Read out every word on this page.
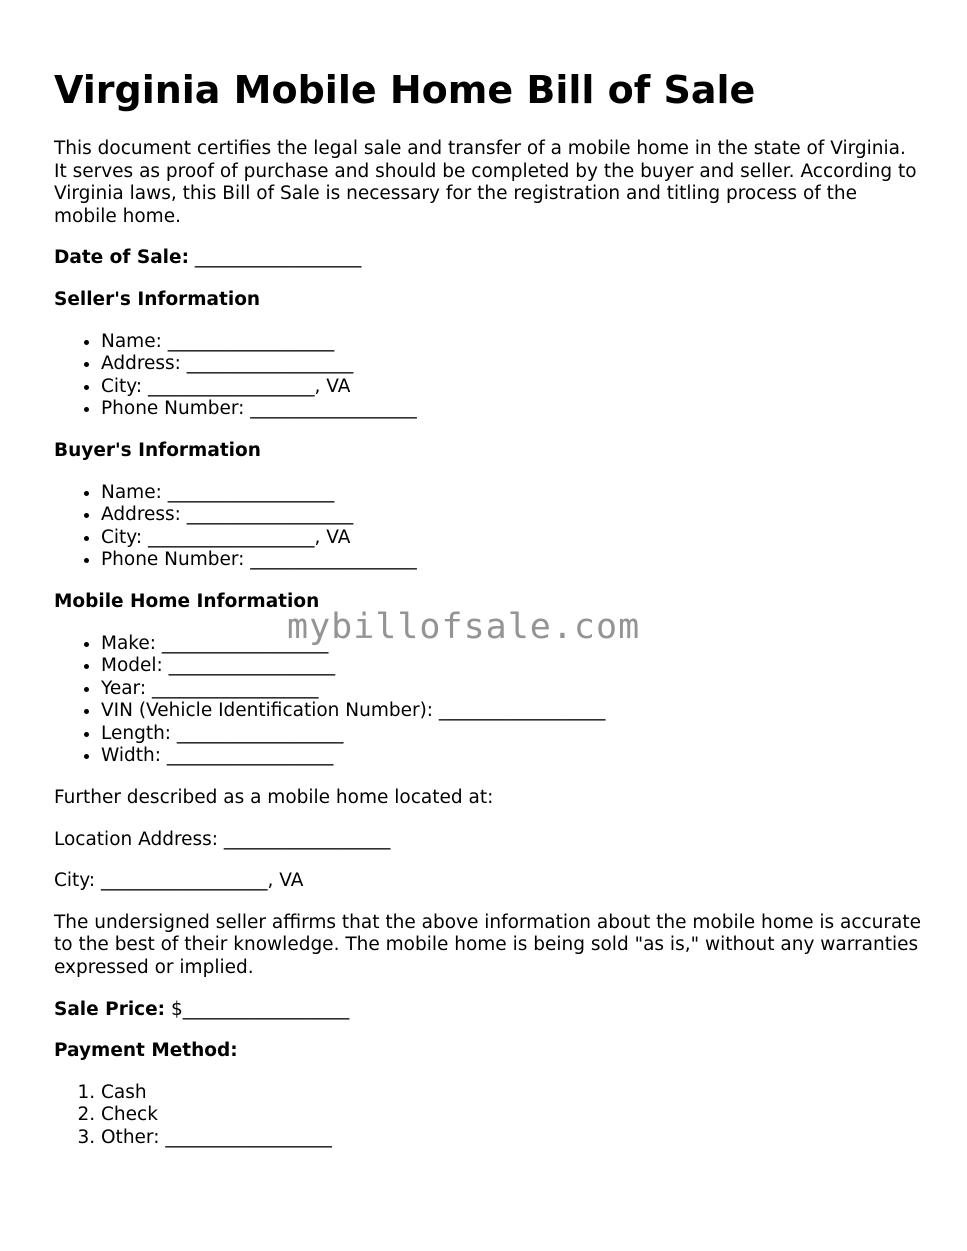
Virginia Mobile Home Bill of Sale

This document certifies the legal sale and transfer of a mobile home in the state of Virginia. It serves as proof of purchase and should be completed by the buyer and seller. According to Virginia laws, this Bill of Sale is necessary for the registration and titling process of the mobile home.

Date of Sale: __________________

Seller's Information
• Name: __________________
• Address: __________________
• City: __________________, VA
• Phone Number: __________________
Buyer's Information
• Name: __________________
• Address: __________________
• City: __________________, VA
• Phone Number: __________________
Mobile Home Information
• Make: __________________
• Model: __________________
• Year: __________________
• VIN (Vehicle Identification Number): __________________
• Length: __________________
• Width: __________________

Further described as a mobile home located at:

Location Address: __________________

City: __________________, VA

The undersigned seller affirms that the above information about the mobile home is accurate to the best of their knowledge. The mobile home is being sold "as is," without any warranties expressed or implied.

Sale Price: $__________________

Payment Method:
1. Cash
2. Check
3. Other: __________________
mybillofsale.com
